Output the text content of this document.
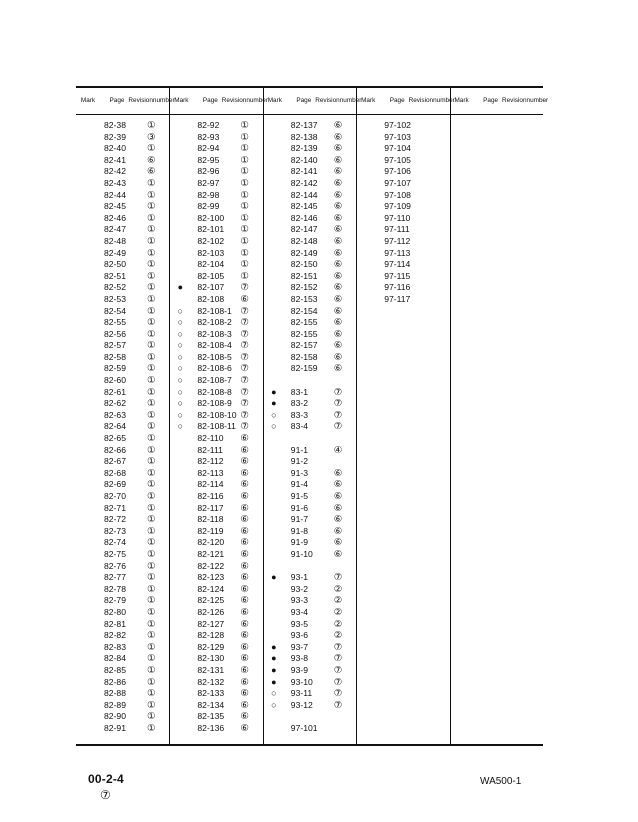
Mark	Page Revision number
82-38 ①
82-39 ③
82-40 ①
82-41 ⑥
82-42 ⑥
82-43 ①
82-44 ①
82-45 ①
82-46 ①
82-47 ①
82-48 ①
82-49 ①
82-50 ①
82-51 ①
82-52 ①
82-53 ①
82-54 ①
82-55 ①
82-56 ①
82-57 ①
82-58 ①
82-59 ①
82-60 ①
82-61 ①
82-62 ①
82-63 ①
82-64 ①
82-65 ①
82-66 ①
82-67 ①
82-68 ①
82-69 ①
82-70 ①
82-71 ①
82-72 ①
82-73 ①
82-74 ①
82-75 ①
82-76 ①
82-77 ①
82-78 ①
82-79 ①
82-80 ①
82-81 ①
82-82 ①
82-83 ①
82-84 ①
82-85 ①
82-86 ①
82-88 ①
82-89 ①
82-90 ①
82-91 ①
Mark	Page Revision number
82-92 ①
82-93 ①
82-94 ①
82-95 ①
82-96 ①
82-97 ①
82-98 ①
82-99 ①
82-100 ①
82-101 ①
82-102 ①
82-103 ①
82-104 ①
82-105 ①
●	82-107 ⑦
82-108 ⑥
○	82-108-1 ⑦
○	82-108-2 ⑦
○	82-108-3 ⑦
○	82-108-4 ⑦
○	82-108-5 ⑦
○	82-108-6 ⑦
○	82-108-7 ⑦
○	82-108-8 ⑦
○	82-108-9 ⑦
○	82-108-10 ⑦
○	82-108-11 ⑦
82-110 ⑥
82-111 ⑥
82-112 ⑥
82-113 ⑥
82-114 ⑥
82-116 ⑥
82-117 ⑥
82-118 ⑥
82-119 ⑥
82-120 ⑥
82-121 ⑥
82-122 ⑥
82-123 ⑥
82-124 ⑥
82-125 ⑥
82-126 ⑥
82-127 ⑥
82-128 ⑥
82-129 ⑥
82-130 ⑥
82-131 ⑥
82-132 ⑥
82-133 ⑥
82-134 ⑥
82-135 ⑥
82-136 ⑥
Mark	Page Revision number
82-137 ⑥
82-138 ⑥
82-139 ⑥
82-140 ⑥
82-141 ⑥
82-142 ⑥
82-144 ⑥
82-145 ⑥
82-146 ⑥
82-147 ⑥
82-148 ⑥
82-149 ⑥
82-150 ⑥
82-151 ⑥
82-152 ⑥
82-153 ⑥
82-154 ⑥
82-155 ⑥
82-155 ⑥
82-157 ⑥
82-158 ⑥
82-159 ⑥
●	83-1	⑦
●	83-2	⑦
○	83-3	⑦
○	83-4	⑦
91-1	④
91-2
91-3	⑥
91-4	⑥
91-5	⑥
91-6	⑥
91-7	⑥
91-8	⑥
91-9	⑥
91-10 ⑥
●	93-1	⑦
93-2	②
93-3	②
93-4	②
93-5	②
93-6	②
●	93-7	⑦
●	93-8	⑦
●	93-9	⑦
●	93-10 ⑦
○	93-11 ⑦
○	93-12 ⑦
97-101
Mark	Page Revision number
97-102
97-103
97-104
97-105
97-106
97-107
97-108
97-109
97-110
97-111
97-112
97-113
97-114
97-115
97-116
97-117
Mark	Page Revision number
00-2-4
⑦
WA500-1
